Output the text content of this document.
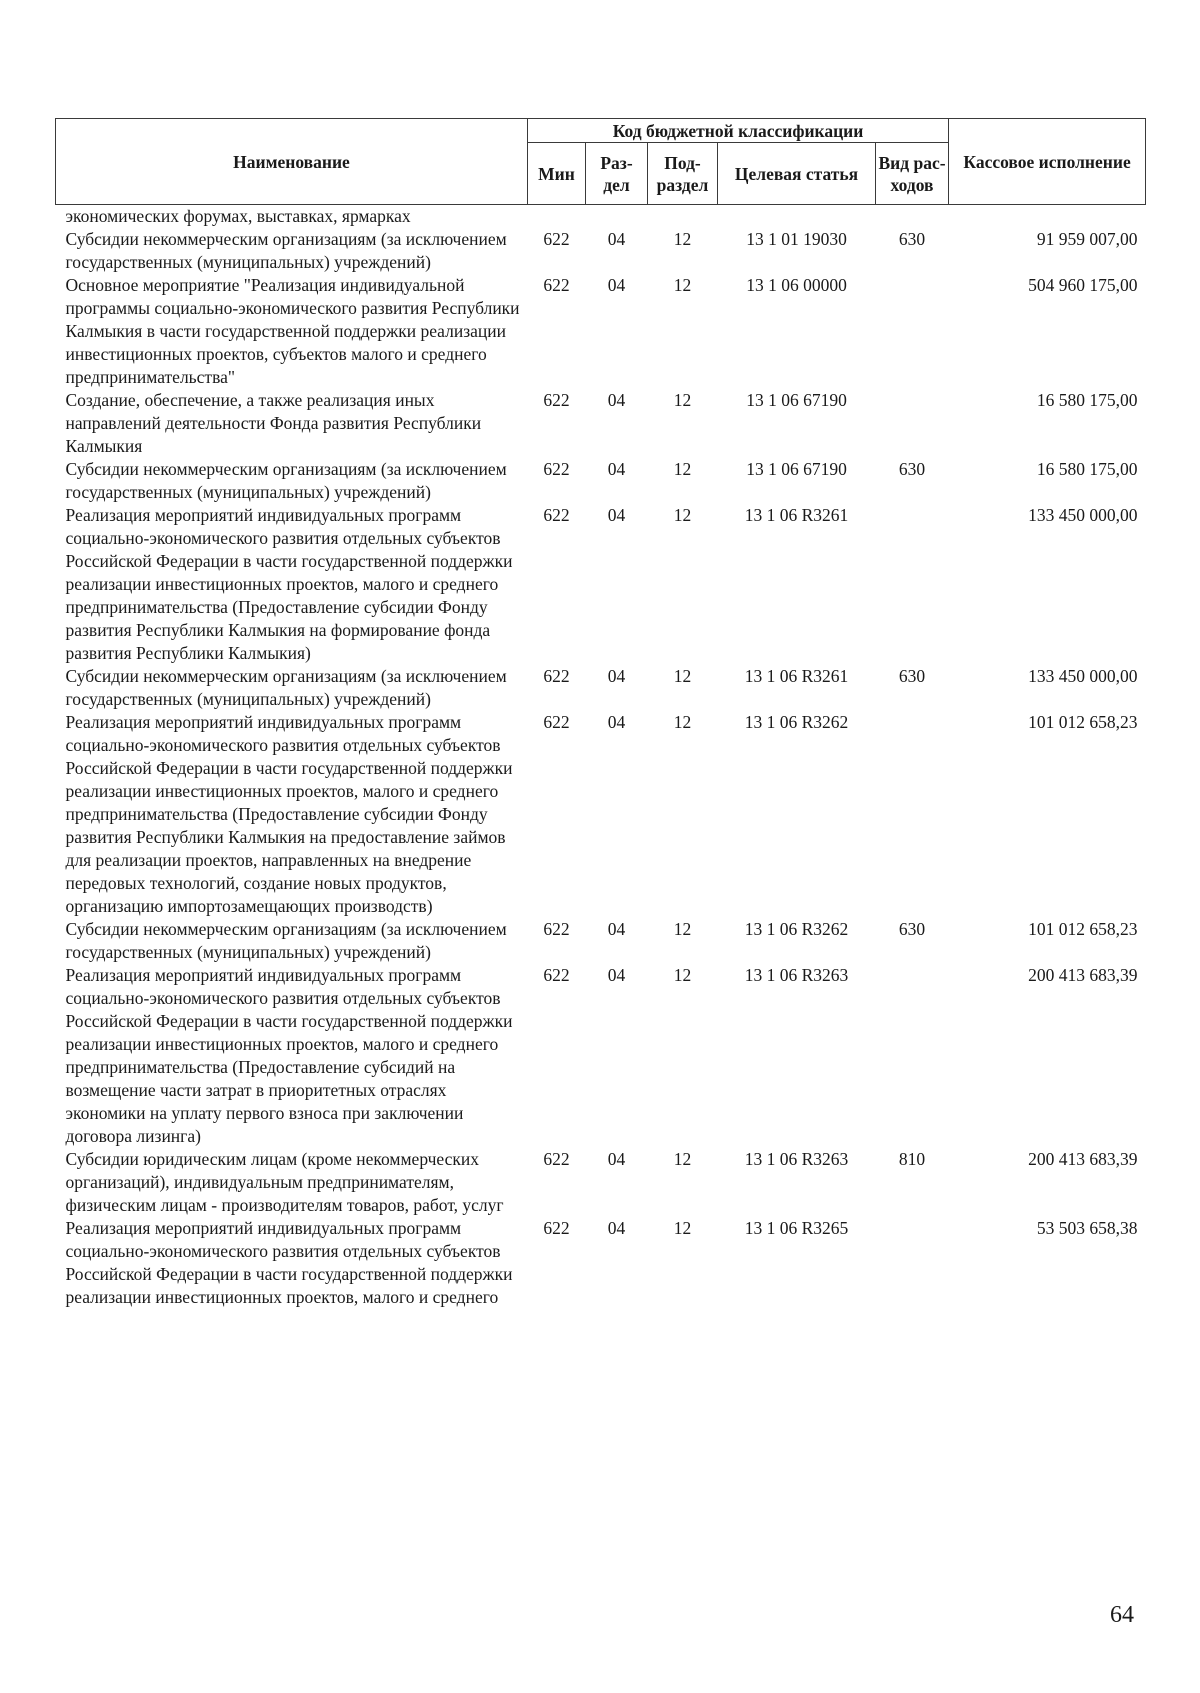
Наименование	Код бюджетной классификации					Кассовое исполнение
	Мин	Раз-дел	Под-раздел	Целевая статья	Вид рас-ходов	
экономических форумах, выставках, ярмарках						
Субсидии некоммерческим организациям (за исключением государственных (муниципальных) учреждений)	622	04	12	13 1 01 19030	630	91 959 007,00
Основное мероприятие "Реализация индивидуальной программы социально-экономического развития Республики Калмыкия в части государственной поддержки реализации инвестиционных проектов, субъектов малого и среднего предпринимательства"	622	04	12	13 1 06 00000		504 960 175,00
Создание, обеспечение, а также реализация иных направлений деятельности Фонда развития Республики Калмыкия	622	04	12	13 1 06 67190		16 580 175,00
Субсидии некоммерческим организациям (за исключением государственных (муниципальных) учреждений)	622	04	12	13 1 06 67190	630	16 580 175,00
Реализация мероприятий индивидуальных программ социально-экономического развития отдельных субъектов Российской Федерации в части государственной поддержки реализации инвестиционных проектов, малого и среднего предпринимательства (Предоставление субсидии Фонду развития Республики Калмыкия на формирование фонда развития Республики Калмыкия)	622	04	12	13 1 06 R3261		133 450 000,00
Субсидии некоммерческим организациям (за исключением государственных (муниципальных) учреждений)	622	04	12	13 1 06 R3261	630	133 450 000,00
Реализация мероприятий индивидуальных программ социально-экономического развития отдельных субъектов Российской Федерации в части государственной поддержки реализации инвестиционных проектов, малого и среднего предпринимательства (Предоставление субсидии Фонду развития Республики Калмыкия на предоставление займов для реализации проектов, направленных на внедрение передовых технологий, создание новых продуктов, организацию импортозамещающих производств)	622	04	12	13 1 06 R3262		101 012 658,23
Субсидии некоммерческим организациям (за исключением государственных (муниципальных) учреждений)	622	04	12	13 1 06 R3262	630	101 012 658,23
Реализация мероприятий индивидуальных программ социально-экономического развития отдельных субъектов Российской Федерации в части государственной поддержки реализации инвестиционных проектов, малого и среднего предпринимательства (Предоставление субсидий на возмещение части затрат в приоритетных отраслях экономики на уплату первого взноса при заключении договора лизинга)	622	04	12	13 1 06 R3263		200 413 683,39
Субсидии юридическим лицам (кроме некоммерческих организаций), индивидуальным предпринимателям, физическим лицам - производителям товаров, работ, услуг	622	04	12	13 1 06 R3263	810	200 413 683,39
Реализация мероприятий индивидуальных программ социально-экономического развития отдельных субъектов Российской Федерации в части государственной поддержки реализации инвестиционных проектов, малого и среднего	622	04	12	13 1 06 R3265		53 503 658,38
64
